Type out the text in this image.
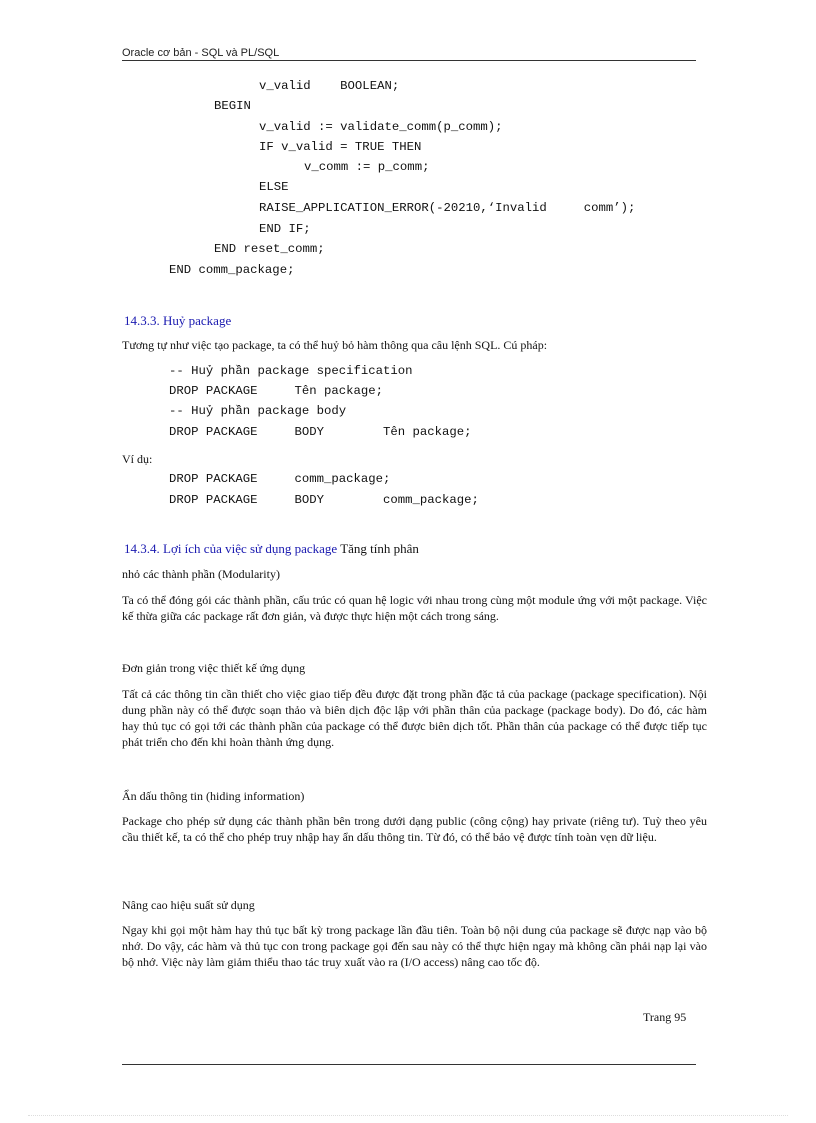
Oracle cơ bản - SQL và PL/SQL
v_valid    BOOLEAN;
BEGIN
v_valid := validate_comm(p_comm);
IF v_valid = TRUE THEN
v_comm := p_comm;
ELSE
RAISE_APPLICATION_ERROR(-20210,‘Invalid     comm’);
END IF;
END reset_comm;
END comm_package;
14.3.3. Huỷ package
Tương tự như việc tạo package, ta có thể huỷ bỏ hàm thông qua câu lệnh SQL. Cú pháp:
-- Huỷ phần package specification
DROP PACKAGE     Tên package;
-- Huỷ phần package body
DROP PACKAGE     BODY        Tên package;
Ví dụ:
DROP PACKAGE     comm_package;
DROP PACKAGE     BODY        comm_package;
14.3.4. Lợi ích của việc sử dụng package Tăng tính phân
nhỏ các thành phần (Modularity)
Ta có thể đóng gói các thành phần, cấu trúc có quan hệ logic với nhau trong cùng một module ứng với một package. Việc kế thừa giữa các package rất đơn giản, và được thực hiện một cách trong sáng.
Đơn giản trong việc thiết kế ứng dụng
Tất cả các thông tin cần thiết cho việc giao tiếp đều được đặt trong phần đặc tả của package (package specification). Nội dung phần này có thể được soạn thảo và biên dịch độc lập với phần thân của package (package body). Do đó, các hàm hay thủ tục có gọi tới các thành phần của package có thể được biên dịch tốt. Phần thân của package có thể được tiếp tục phát triển cho đến khi hoàn thành ứng dụng.
Ẩn dấu thông tin (hiding information)
Package cho phép sử dụng các thành phần bên trong dưới dạng public (công cộng) hay private (riêng tư). Tuỳ theo yêu cầu thiết kế, ta có thể cho phép truy nhập hay ẩn dấu thông tin. Từ đó, có thể bảo vệ được tính toàn vẹn dữ liệu.
Nâng cao hiệu suất sử dụng
Ngay khi gọi một hàm hay thủ tục bất kỳ trong package lần đầu tiên. Toàn bộ nội dung của package sẽ được nạp vào bộ nhớ. Do vậy, các hàm và thủ tục con trong package gọi đến sau này có thể thực hiện ngay mà không cần phải nạp lại vào bộ nhớ. Việc này làm giảm thiểu thao tác truy xuất vào ra (I/O access) nâng cao tốc độ.
Trang 95
